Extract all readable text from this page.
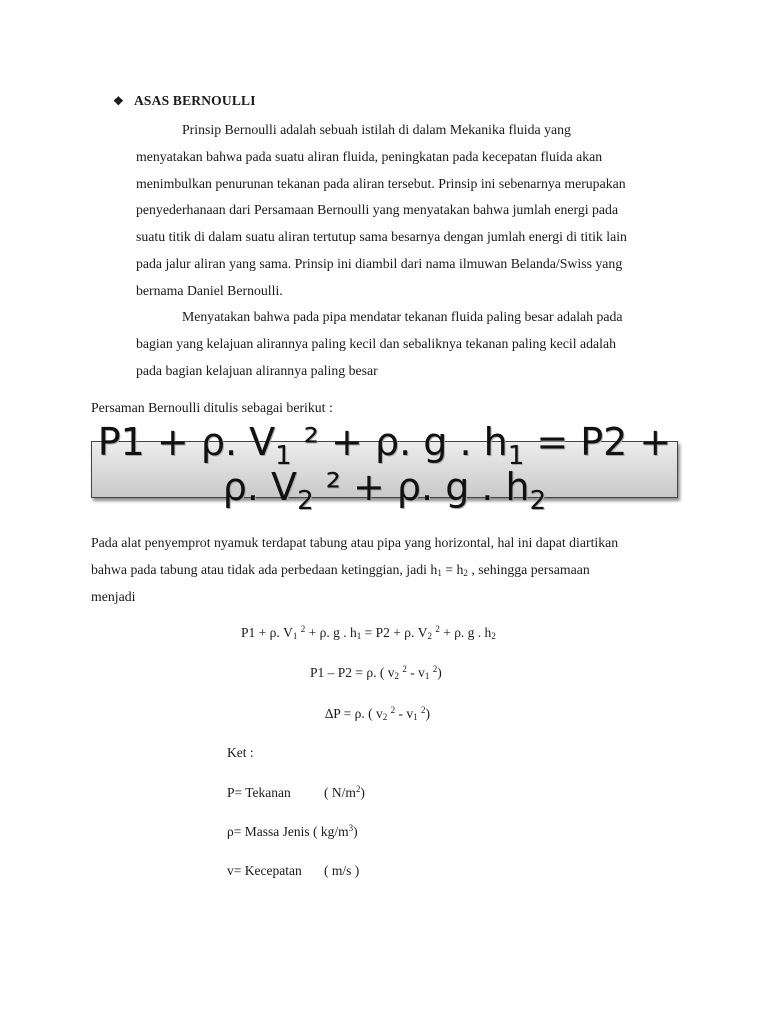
❖ ASAS BERNOULLI
Prinsip Bernoulli adalah sebuah istilah di dalam Mekanika fluida yang
menyatakan bahwa pada suatu aliran fluida, peningkatan pada kecepatan fluida akan
menimbulkan penurunan tekanan pada aliran tersebut. Prinsip ini sebenarnya merupakan
penyederhanaan dari Persamaan Bernoulli yang menyatakan bahwa jumlah energi pada
suatu titik di dalam suatu aliran tertutup sama besarnya dengan jumlah energi di titik lain
pada jalur aliran yang sama. Prinsip ini diambil dari nama ilmuwan Belanda/Swiss yang
bernama Daniel Bernoulli.
Menyatakan bahwa pada pipa mendatar tekanan fluida paling besar adalah pada
bagian yang kelajuan alirannya paling kecil dan sebaliknya tekanan paling kecil adalah
pada bagian kelajuan alirannya paling besar
Persaman Bernoulli ditulis sebagai berikut :
P1 + ρ. $V_1$ ² + ρ. g . $h_1 = P2$ +
ρ. $V_2$ ² + ρ. g . $h_2$
Pada alat penyemprot nyamuk terdapat tabung atau pipa yang horizontal, hal ini dapat diartikan
bahwa pada tabung atau tidak ada perbedaan ketinggian, jadi $h_1 = h_2$ , sehingga persamaan
menjadi
P1 + ρ. $V_1$ $^2$ + ρ. g . $h_1 = P2 + \rho$. $V_2$ $^2$ + ρ. g . $h_2$
P1 – P2 = ρ. ( $v_2$ $^2 - v_1$ $^2$)
∆P = ρ. ( $v_2$ $^2 - v_1$ $^2$)
Ket :
P= Tekanan ( $N/m^2$)
ρ= Massa Jenis ( $kg/m^3$)
v= Kecepatan ( m/s )
